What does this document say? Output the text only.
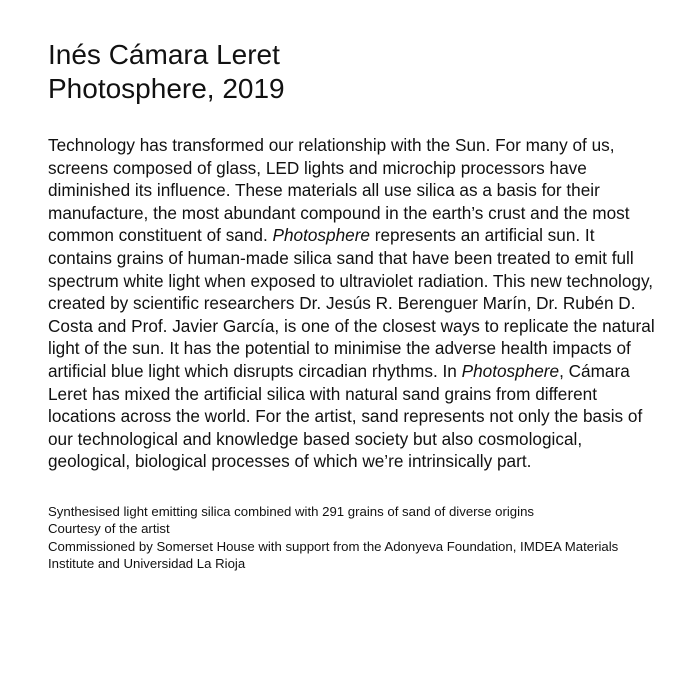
Inés Cámara Leret
Photosphere, 2019

Technology has transformed our relationship with the Sun. For many of us, screens composed of glass, LED lights and microchip processors have diminished its influence. These materials all use silica as a basis for their manufacture, the most abundant compound in the earth’s crust and the most common constituent of sand. Photosphere represents an artificial sun. It contains grains of human-made silica sand that have been treated to emit full spectrum white light when exposed to ultraviolet radiation. This new technology, created by scientific researchers Dr. Jesús R. Berenguer Marín, Dr. Rubén D. Costa and Prof. Javier García, is one of the closest ways to replicate the natural light of the sun. It has the potential to minimise the adverse health impacts of artificial blue light which disrupts circadian rhythms. In Photosphere, Cámara Leret has mixed the artificial silica with natural sand grains from different locations across the world. For the artist, sand represents not only the basis of our technological and knowledge based society but also cosmological, geological, biological processes of which we’re intrinsically part.

Synthesised light emitting silica combined with 291 grains of sand of diverse origins
Courtesy of the artist
Commissioned by Somerset House with support from the Adonyeva Foundation, IMDEA Materials Institute and Universidad La Rioja
